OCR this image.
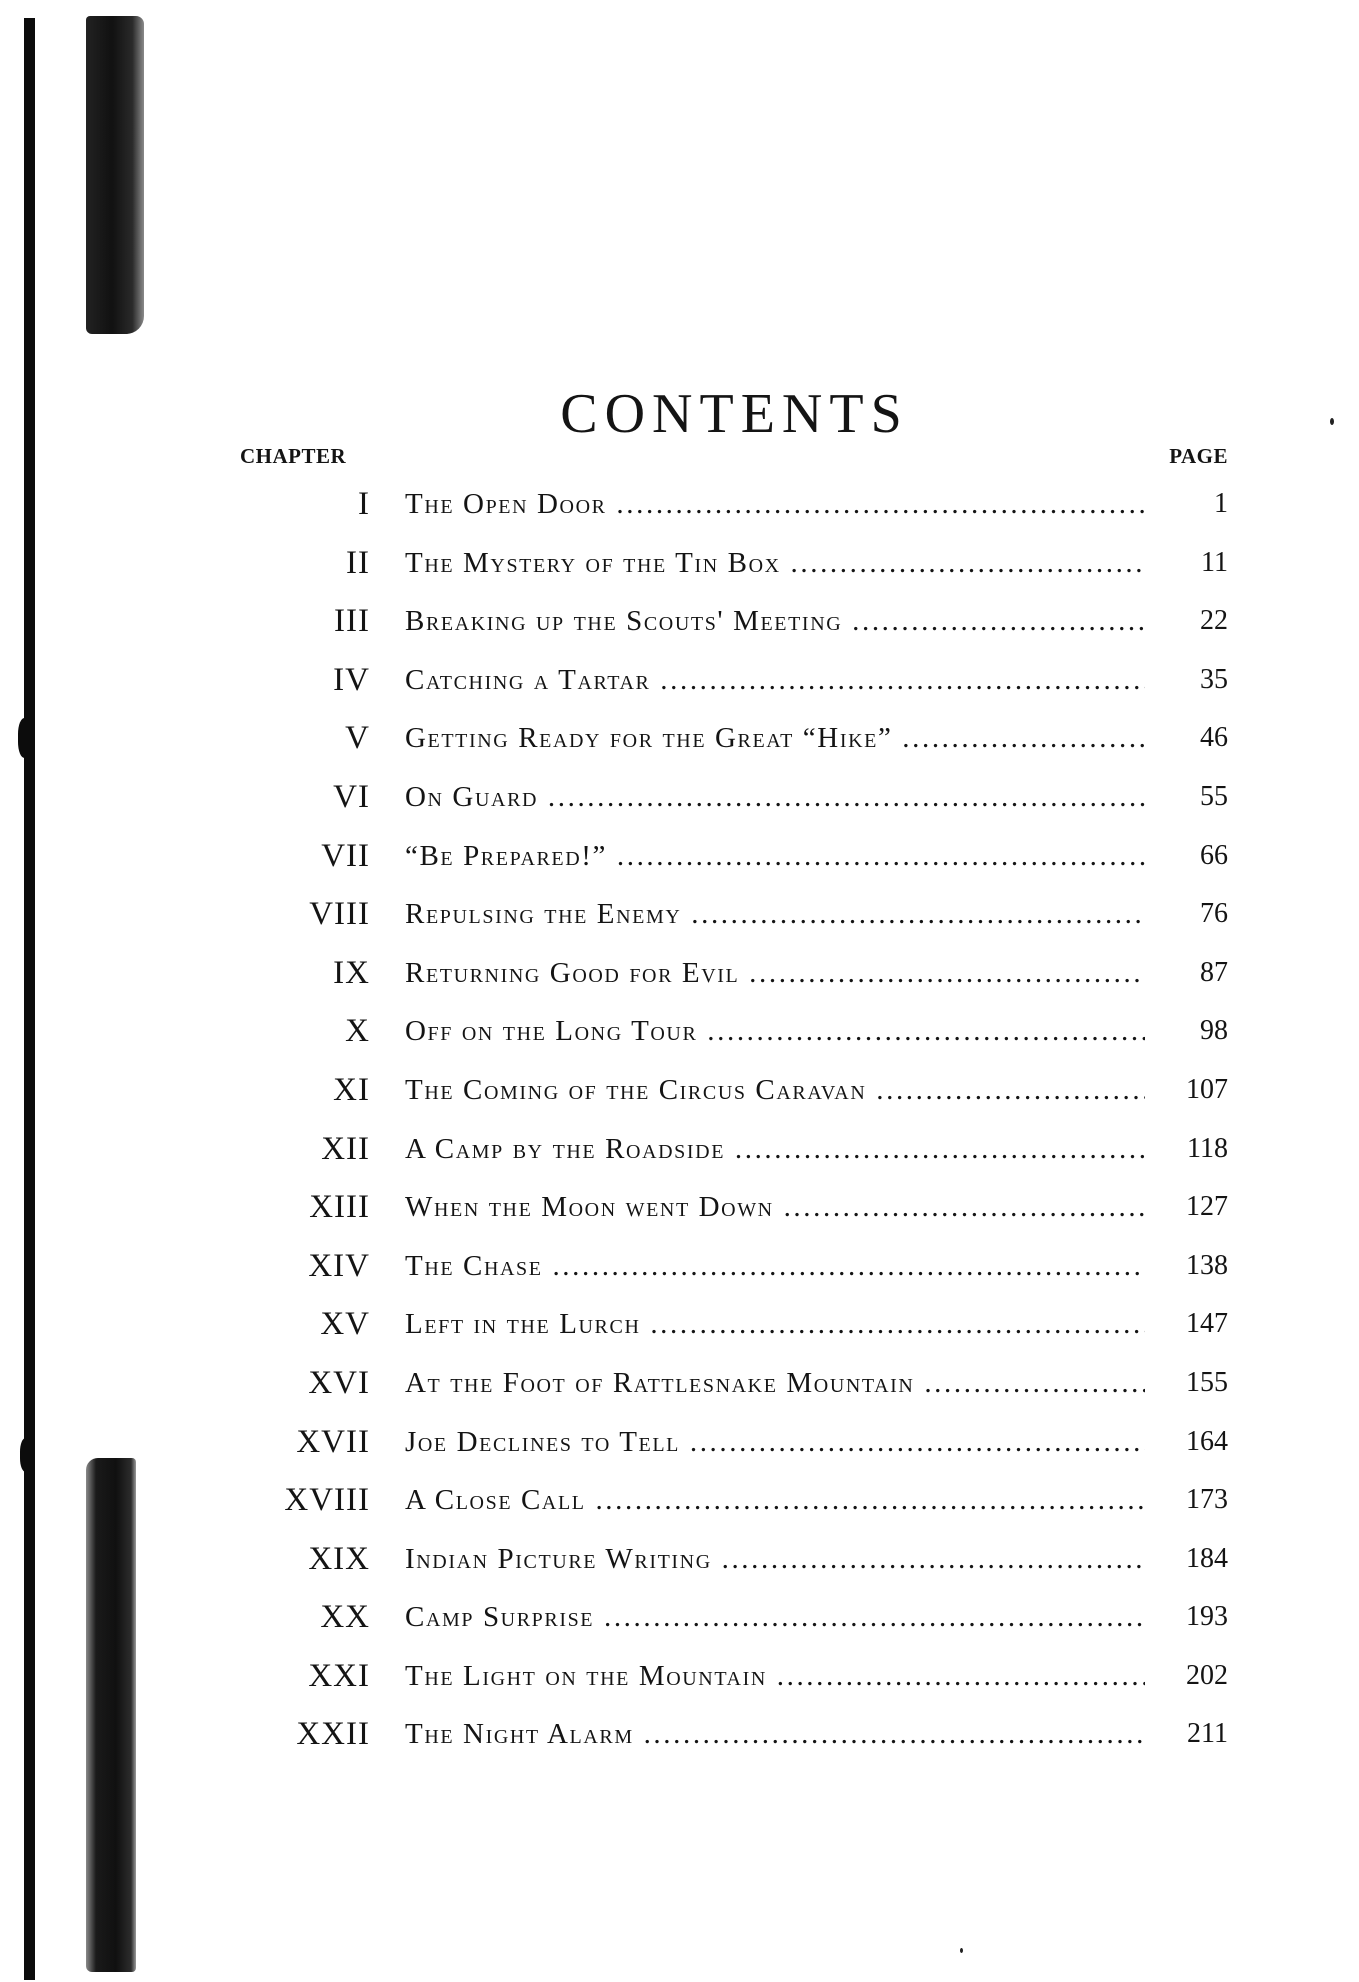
CONTENTS
CHAPTER	PAGE
I The Open Door .....	1
II The Mystery of the Tin Box .....	11
III Breaking up the Scouts' Meeting .....	22
IV Catching a Tartar .....	35
V Getting Ready for the Great “Hike” .....	46
VI On Guard .....	55
VII “Be Prepared!” .....	66
VIII Repulsing the Enemy .....	76
IX Returning Good for Evil .....	87
X Off on the Long Tour .....	98
XI The Coming of the Circus Caravan .....	107
XII A Camp by the Roadside .....	118
XIII When the Moon went Down .....	127
XIV The Chase .....	138
XV Left in the Lurch .....	147
XVI At the Foot of Rattlesnake Mountain .....	155
XVII Joe Declines to Tell .....	164
XVIII A Close Call .....	173
XIX Indian Picture Writing .....	184
XX Camp Surprise .....	193
XXI The Light on the Mountain .....	202
XXII The Night Alarm .....	211
